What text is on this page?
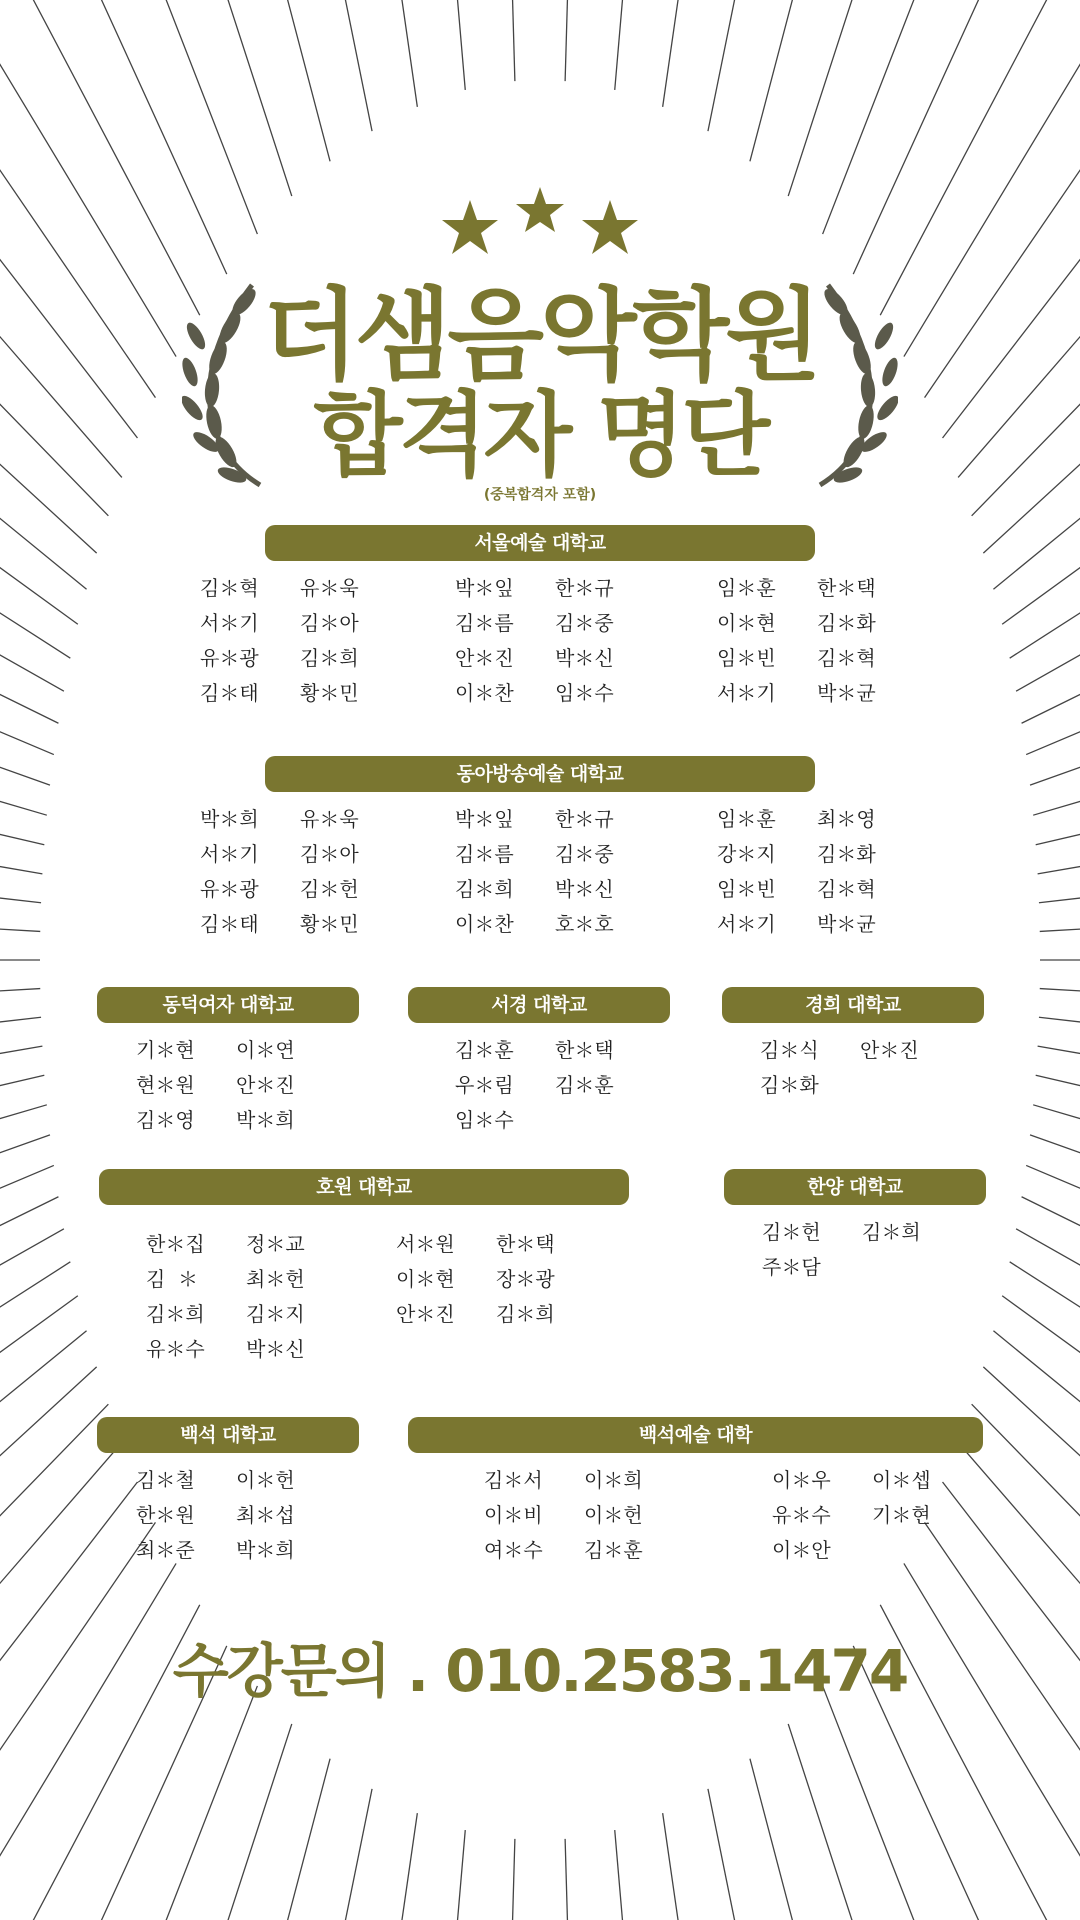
더샘음악학원
합격자 명단
(중복합격자 포함)
서울예술 대학교
김＊혁	유＊욱
서＊기	김＊아
유＊광	김＊희
김＊태	황＊민
박＊잎	한＊규
김＊름	김＊중
안＊진	박＊신
이＊찬	임＊수
임＊훈	한＊택
이＊현	김＊화
임＊빈	김＊혁
서＊기	박＊균
동아방송예술 대학교
박＊희	유＊욱
서＊기	김＊아
유＊광	김＊헌
김＊태	황＊민
박＊잎	한＊규
김＊름	김＊중
김＊희	박＊신
이＊찬	호＊호
임＊훈	최＊영
강＊지	김＊화
임＊빈	김＊혁
서＊기	박＊균
동덕여자 대학교
기＊현	이＊연
현＊원	안＊진
김＊영	박＊희
서경 대학교
김＊훈	한＊택
우＊림	김＊훈
임＊수
경희 대학교
김＊식	안＊진
김＊화
호원 대학교
한＊집	정＊교
김  ＊	최＊헌
김＊희	김＊지
유＊수	박＊신
서＊원	한＊택
이＊현	장＊광
안＊진	김＊희
한양 대학교
김＊헌	김＊희
주＊담
백석 대학교
김＊철	이＊헌
한＊원	최＊섭
최＊준	박＊희
백석예술 대학
김＊서	이＊희
이＊비	이＊헌
여＊수	김＊훈
이＊우	이＊셉
유＊수	기＊현
이＊안
수강문의 . 010.2583.1474
